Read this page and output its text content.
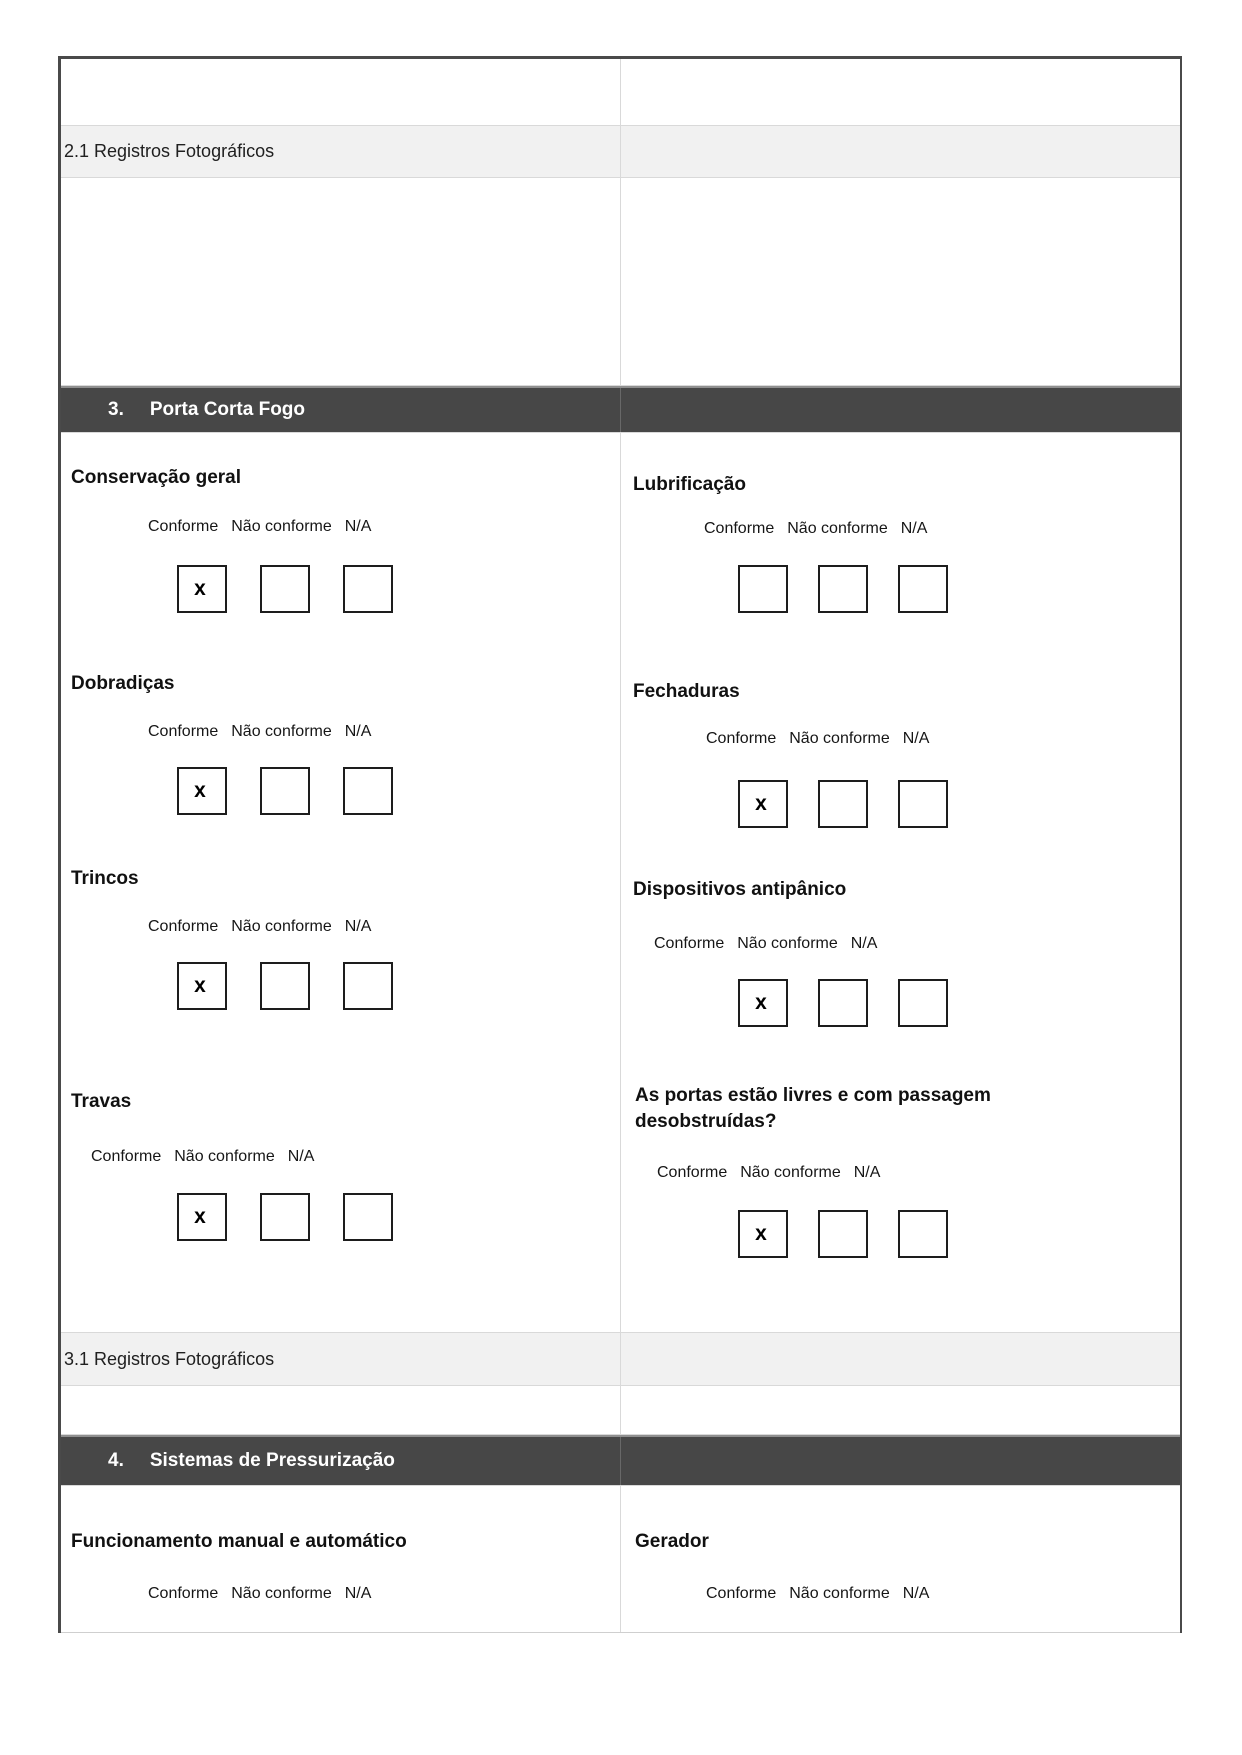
2.1 Registros Fotográficos
3. Porta Corta Fogo
Conservação geral
Conforme Não conforme N/A
x
Dobradiças
Conforme Não conforme N/A
x
Trincos
Conforme Não conforme N/A
x
Travas
Conforme Não conforme N/A
x
Lubrificação
Conforme Não conforme N/A
Fechaduras
Conforme Não conforme N/A
x
Dispositivos antipânico
Conforme Não conforme N/A
x
As portas estão livres e com passagem desobstruídas?
Conforme Não conforme N/A
x
3.1 Registros Fotográficos
4. Sistemas de Pressurização
Funcionamento manual e automático
Conforme Não conforme N/A
Gerador
Conforme Não conforme N/A
